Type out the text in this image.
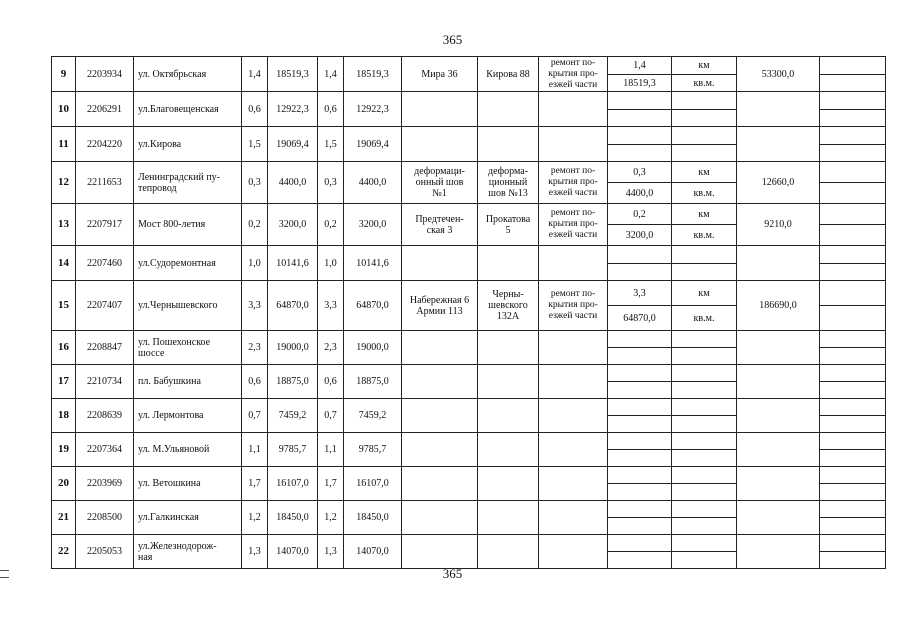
365
9	2203934	ул. Октябрьская	1,4	18519,3	1,4	18519,3	Мира 36	Кирова 88	ремонт по-
крытия про-
езжей части	1,4	км	53300,0	
										18519,3	кв.м.		
10	2206291	ул.Благовещенская	0,6	12922,3	0,6	12922,3							

11	2204220	ул.Кирова	1,5	19069,4	1,5	19069,4							

12	2211653	Ленинградский пу-
тепровод	0,3	4400,0	0,3	4400,0	деформаци-
онный шов
№1	деформа-
ционный
шов №13	ремонт по-
крытия про-
езжей части	0,3	км	12660,0	
										4400,0	кв.м.		
13	2207917	Мост 800-летия	0,2	3200,0	0,2	3200,0	Предтечен-
ская 3	Прокатова
5	ремонт по-
крытия про-
езжей части	0,2	км	9210,0	
										3200,0	кв.м.		
14	2207460	ул.Судоремонтная	1,0	10141,6	1,0	10141,6							

15	2207407	ул.Чернышевского	3,3	64870,0	3,3	64870,0	Набережная 6
Армии 113	Черны-
шевского
132А	ремонт по-
крытия про-
езжей части	3,3	км	186690,0	
										64870,0	кв.м.		
16	2208847	ул. Пошехонское
шоссе	2,3	19000,0	2,3	19000,0							

17	2210734	пл. Бабушкина	0,6	18875,0	0,6	18875,0							

18	2208639	ул. Лермонтова	0,7	7459,2	0,7	7459,2							

19	2207364	ул. М.Ульяновой	1,1	9785,7	1,1	9785,7							

20	2203969	ул. Ветошкина	1,7	16107,0	1,7	16107,0							

21	2208500	ул.Галкинская	1,2	18450,0	1,2	18450,0							

22	2205053	ул.Железнодорож-
ная	1,3	14070,0	1,3	14070,0							

365
